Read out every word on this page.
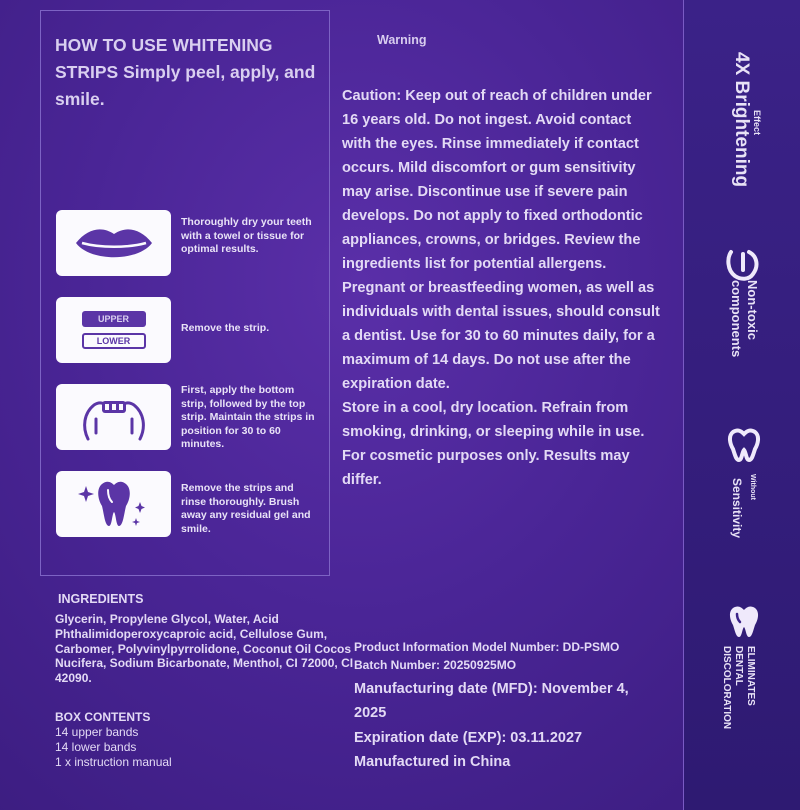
HOW TO USE WHITENING STRIPS Simply peel, apply, and smile.
Thoroughly dry your teeth with a towel or tissue for optimal results.
UPPER
LOWER
Remove the strip.
First, apply the bottom strip, followed by the top strip. Maintain the strips in position for 30 to 60 minutes.
Remove the strips and rinse thoroughly. Brush away any residual gel and smile.
Warning
Caution: Keep out of reach of children under 16 years old. Do not ingest. Avoid contact with the eyes. Rinse immediately if contact occurs. Mild discomfort or gum sensitivity may arise. Discontinue use if severe pain develops. Do not apply to fixed orthodontic appliances, crowns, or bridges. Review the ingredients list for potential allergens. Pregnant or breastfeeding women, as well as individuals with dental issues, should consult a dentist. Use for 30 to 60 minutes daily, for a maximum of 14 days. Do not use after the expiration date.
Store in a cool, dry location. Refrain from smoking, drinking, or sleeping while in use. For cosmetic purposes only. Results may differ.
INGREDIENTS
Glycerin, Propylene Glycol, Water, Acid Phthalimidoperoxycaproic acid, Cellulose Gum, Carbomer, Polyvinylpyrrolidone, Coconut Oil Cocos Nucifera, Sodium Bicarbonate, Menthol, CI 72000, CI 42090.
BOX CONTENTS
14 upper bands
14 lower bands
1 x instruction manual
Product Information Model Number: DD-PSMO Batch Number: 20250925MO
Manufacturing date (MFD): November 4, 2025
Expiration date (EXP): 03.11.2027
Manufactured in China
Effect
4X Brightening
Non-toxic
components
Without
Sensitivity
ELIMINATES
DENTAL
DISCOLORATION
